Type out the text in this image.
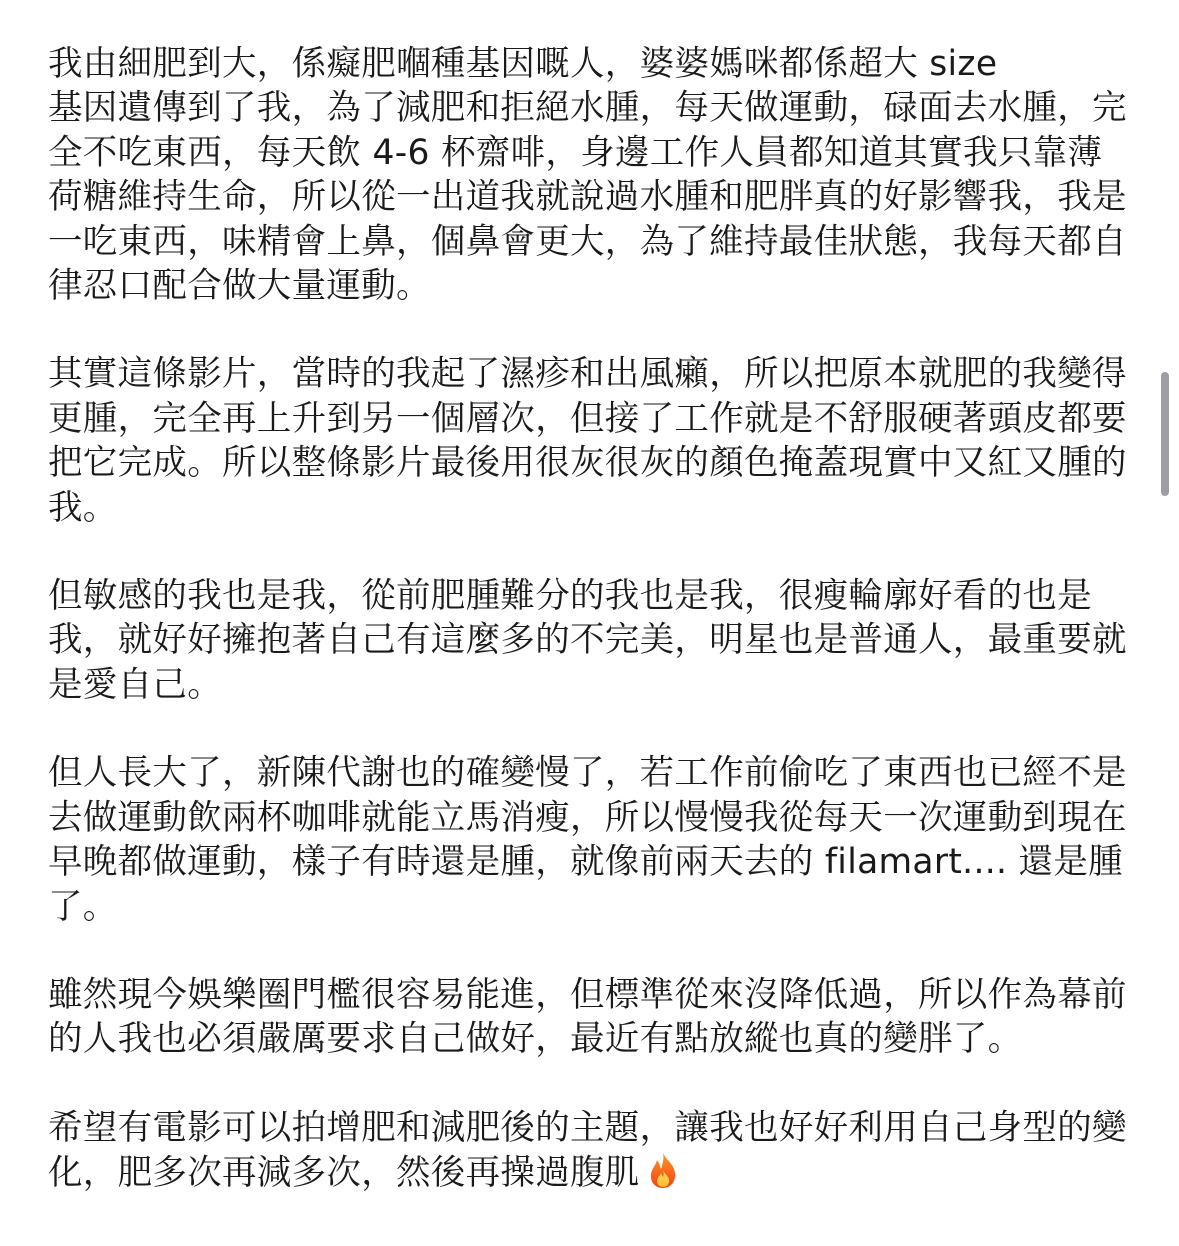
我由細肥到大，係癡肥嗰種基因嘅人，婆婆媽咪都係超大 size
基因遺傳到了我，為了減肥和拒絕水腫，每天做運動，碌面去水腫，完全不吃東西，每天飲 4-6 杯齋啡，身邊工作人員都知道其實我只靠薄荷糖維持生命，所以從一出道我就說過水腫和肥胖真的好影響我，我是一吃東西，味精會上鼻，個鼻會更大，為了維持最佳狀態，我每天都自律忍口配合做大量運動。

其實這條影片，當時的我起了濕疹和出風癩，所以把原本就肥的我變得更腫，完全再上升到另一個層次，但接了工作就是不舒服硬著頭皮都要把它完成。所以整條影片最後用很灰很灰的顏色掩蓋現實中又紅又腫的我。

但敏感的我也是我，從前肥腫難分的我也是我，很瘦輪廓好看的也是我，就好好擁抱著自己有這麼多的不完美，明星也是普通人，最重要就是愛自己。

但人長大了，新陳代謝也的確變慢了，若工作前偷吃了東西也已經不是去做運動飲兩杯咖啡就能立馬消瘦，所以慢慢我從每天一次運動到現在早晚都做運動，樣子有時還是腫，就像前兩天去的 filamart.... 還是腫了。

雖然現今娛樂圈門檻很容易能進，但標準從來沒降低過，所以作為幕前的人我也必須嚴厲要求自己做好，最近有點放縱也真的變胖了。

希望有電影可以拍增肥和減肥後的主題，讓我也好好利用自己身型的變化，肥多次再減多次，然後再操過腹肌
